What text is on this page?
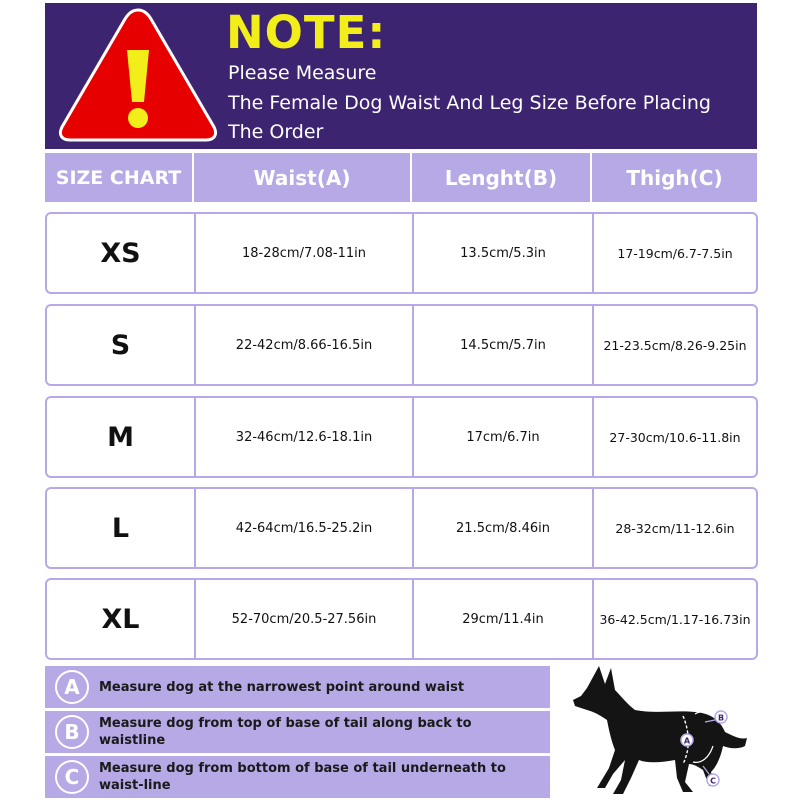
NOTE:
Please Measure
The Female Dog Waist And Leg Size Before Placing
The Order
SIZE CHART	Waist(A)	Lenght(B)	Thigh(C)
XS	18-28cm/7.08-11in	13.5cm/5.3in	17-19cm/6.7-7.5in
S	22-42cm/8.66-16.5in	14.5cm/5.7in	21-23.5cm/8.26-9.25in
M	32-46cm/12.6-18.1in	17cm/6.7in	27-30cm/10.6-11.8in
L	42-64cm/16.5-25.2in	21.5cm/8.46in	28-32cm/11-12.6in
XL	52-70cm/20.5-27.56in	29cm/11.4in	36-42.5cm/1.17-16.73in
A	Measure dog at the narrowest point around waist
B	Measure dog from top of base of tail along back to waistline
C	Measure dog from bottom of base of tail underneath to waist-line
A
B
C
